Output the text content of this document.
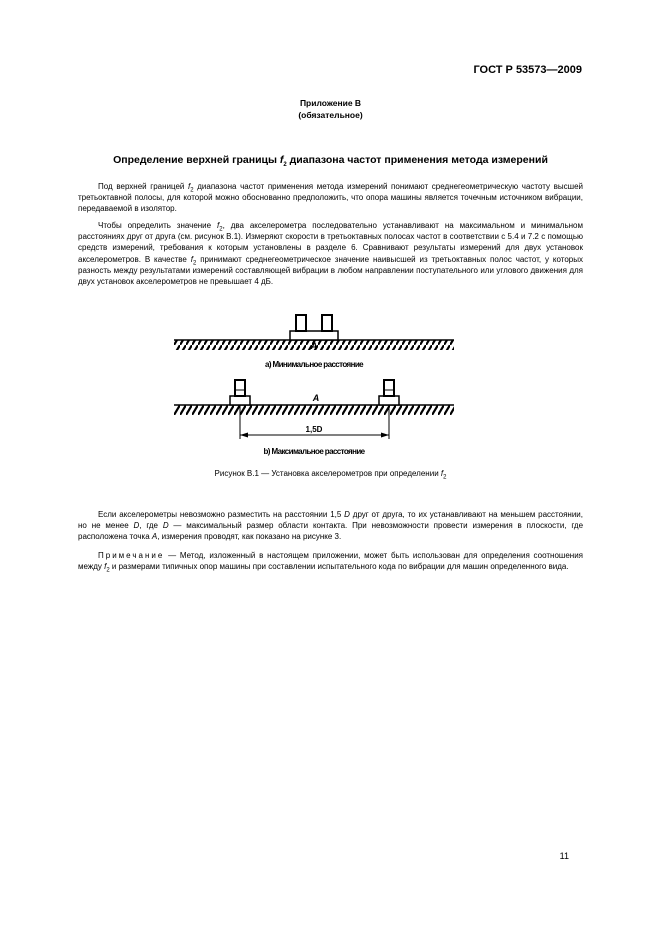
ГОСТ Р 53573—2009
Приложение В
(обязательное)
Определение верхней границы $f_2$ диапазона частот применения метода измерений

Под верхней границей $f_2$ диапазона частот применения метода измерений понимают среднегеометрическую частоту высшей третьоктавной полосы, для которой можно обоснованно предположить, что опора машины является точечным источником вибрации, передаваемой в изолятор.

Чтобы определить значение $f_2$, два акселерометра последовательно устанавливают на максимальном и минимальном расстояниях друг от друга (см. рисунок В.1). Измеряют скорости в третьоктавных полосах частот в соответствии с 5.4 и 7.2 с помощью средств измерений, требования к которым установлены в разделе 6. Сравнивают результаты измерений для двух установок акселерометров. В качестве $f_2$ принимают среднегеометрическое значение наивысшей из третьоктавных полос частот, у которых разность между результатами измерений составляющей вибрации в любом направлении поступательного или углового движения для двух установок акселерометров не превышает 4 дБ.

A
a) Минимальное расстояние
A
1,5D
b) Максимальное расстояние
Рисунок В.1 — Установка акселерометров при определении $f_2$

Если акселерометры невозможно разместить на расстоянии 1,5 D друг от друга, то их устанавливают на меньшем расстоянии, но не менее D, где D — максимальный размер области контакта. При невозможности провести измерения в плоскости, где расположена точка A, измерения проводят, как показано на рисунке 3.

Примечание — Метод, изложенный в настоящем приложении, может быть использован для определения соотношения между $f_2$ и размерами типичных опор машины при составлении испытательного кода по вибрации для машин определенного вида.

11
